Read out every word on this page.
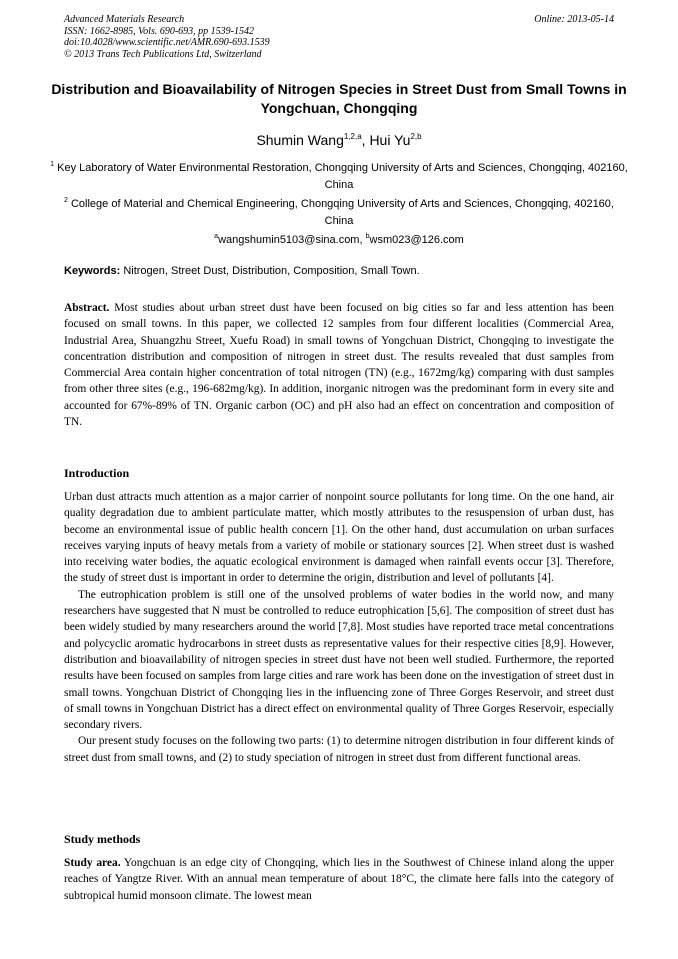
Advanced Materials Research
ISSN: 1662-8985, Vols. 690-693, pp 1539-1542
doi:10.4028/www.scientific.net/AMR.690-693.1539
© 2013 Trans Tech Publications Ltd, Switzerland
Online: 2013-05-14
Distribution and Bioavailability of Nitrogen Species in Street Dust from Small Towns in Yongchuan, Chongqing
Shumin Wang$^{1,2,a}$, Hui Yu$^{2,b}$
$^1$ Key Laboratory of Water Environmental Restoration, Chongqing University of Arts and Sciences, Chongqing, 402160, China
$^2$ College of Material and Chemical Engineering, Chongqing University of Arts and Sciences, Chongqing, 402160, China
$^a$wangshumin5103@sina.com, $^b$wsm023@126.com
Keywords: Nitrogen, Street Dust, Distribution, Composition, Small Town.
Abstract. Most studies about urban street dust have been focused on big cities so far and less attention has been focused on small towns. In this paper, we collected 12 samples from four different localities (Commercial Area, Industrial Area, Shuangzhu Street, Xuefu Road) in small towns of Yongchuan District, Chongqing to investigate the concentration distribution and composition of nitrogen in street dust. The results revealed that dust samples from Commercial Area contain higher concentration of total nitrogen (TN) (e.g., 1672mg/kg) comparing with dust samples from other three sites (e.g., 196-682mg/kg). In addition, inorganic nitrogen was the predominant form in every site and accounted for 67%-89% of TN. Organic carbon (OC) and pH also had an effect on concentration and composition of TN.
Introduction

Urban dust attracts much attention as a major carrier of nonpoint source pollutants for long time. On the one hand, air quality degradation due to ambient particulate matter, which mostly attributes to the resuspension of urban dust, has become an environmental issue of public health concern [1]. On the other hand, dust accumulation on urban surfaces receives varying inputs of heavy metals from a variety of mobile or stationary sources [2]. When street dust is washed into receiving water bodies, the aquatic ecological environment is damaged when rainfall events occur [3]. Therefore, the study of street dust is important in order to determine the origin, distribution and level of pollutants [4].

The eutrophication problem is still one of the unsolved problems of water bodies in the world now, and many researchers have suggested that N must be controlled to reduce eutrophication [5,6]. The composition of street dust has been widely studied by many researchers around the world [7,8]. Most studies have reported trace metal concentrations and polycyclic aromatic hydrocarbons in street dusts as representative values for their respective cities [8,9]. However, distribution and bioavailability of nitrogen species in street dust have not been well studied. Furthermore, the reported results have been focused on samples from large cities and rare work has been done on the investigation of street dust in small towns. Yongchuan District of Chongqing lies in the influencing zone of Three Gorges Reservoir, and street dust of small towns in Yongchuan District has a direct effect on environmental quality of Three Gorges Reservoir, especially secondary rivers.

Our present study focuses on the following two parts: (1) to determine nitrogen distribution in four different kinds of street dust from small towns, and (2) to study speciation of nitrogen in street dust from different functional areas.

Study methods

Study area. Yongchuan is an edge city of Chongqing, which lies in the Southwest of Chinese inland along the upper reaches of Yangtze River. With an annual mean temperature of about 18°C, the climate here falls into the category of subtropical humid monsoon climate. The lowest mean
